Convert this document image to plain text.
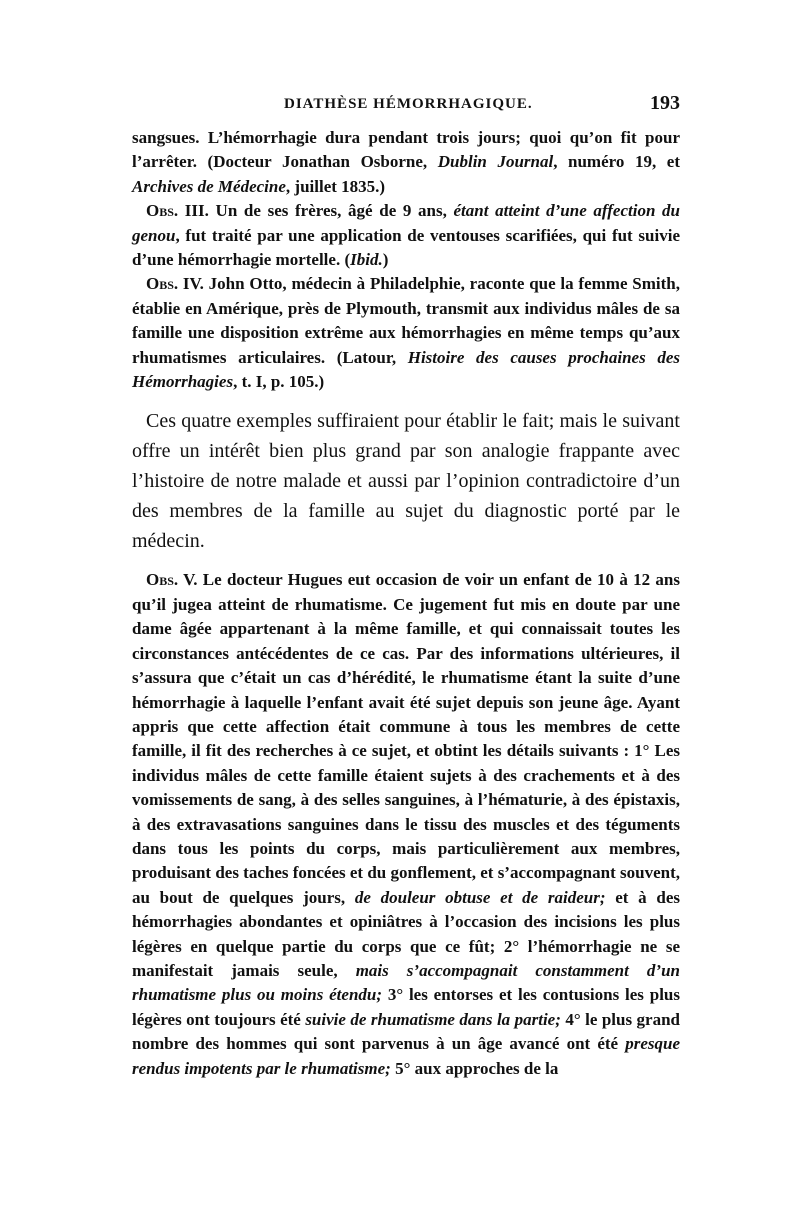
DIATHÈSE HÉMORRHAGIQUE.	193

sangsues. L’hémorrhagie dura pendant trois jours; quoi qu’on fit pour l’arrêter. (Docteur Jonathan Osborne, Dublin Journal, numéro 19, et Archives de Médecine, juillet 1835.)

Obs. III. Un de ses frères, âgé de 9 ans, étant atteint d’une affection du genou, fut traité par une application de ventouses scarifiées, qui fut suivie d’une hémorrhagie mortelle. (Ibid.)

Obs. IV. John Otto, médecin à Philadelphie, raconte que la femme Smith, établie en Amérique, près de Plymouth, transmit aux individus mâles de sa famille une disposition extrême aux hémorrhagies en même temps qu’aux rhumatismes articulaires. (Latour, Histoire des causes prochaines des Hémorrhagies, t. I, p. 105.)

Ces quatre exemples suffiraient pour établir le fait; mais le suivant offre un intérêt bien plus grand par son analogie frappante avec l’histoire de notre malade et aussi par l’opinion contradictoire d’un des membres de la famille au sujet du diagnostic porté par le médecin.

Obs. V. Le docteur Hugues eut occasion de voir un enfant de 10 à 12 ans qu’il jugea atteint de rhumatisme. Ce jugement fut mis en doute par une dame âgée appartenant à la même famille, et qui connaissait toutes les circonstances antécédentes de ce cas. Par des informations ultérieures, il s’assura que c’était un cas d’hérédité, le rhumatisme étant la suite d’une hémorrhagie à laquelle l’enfant avait été sujet depuis son jeune âge. Ayant appris que cette affection était commune à tous les membres de cette famille, il fit des recherches à ce sujet, et obtint les détails suivants : 1° Les individus mâles de cette famille étaient sujets à des crachements et à des vomissements de sang, à des selles sanguines, à l’hématurie, à des épistaxis, à des extravasations sanguines dans le tissu des muscles et des téguments dans tous les points du corps, mais particulièrement aux membres, produisant des taches foncées et du gonflement, et s’accompagnant souvent, au bout de quelques jours, de douleur obtuse et de raideur; et à des hémorrhagies abondantes et opiniâtres à l’occasion des incisions les plus légères en quelque partie du corps que ce fût; 2° l’hémorrhagie ne se manifestait jamais seule, mais s’accompagnait constamment d’un rhumatisme plus ou moins étendu; 3° les entorses et les contusions les plus légères ont toujours été suivie de rhumatisme dans la partie; 4° le plus grand nombre des hommes qui sont parvenus à un âge avancé ont été presque rendus impotents par le rhumatisme; 5° aux approches de la
